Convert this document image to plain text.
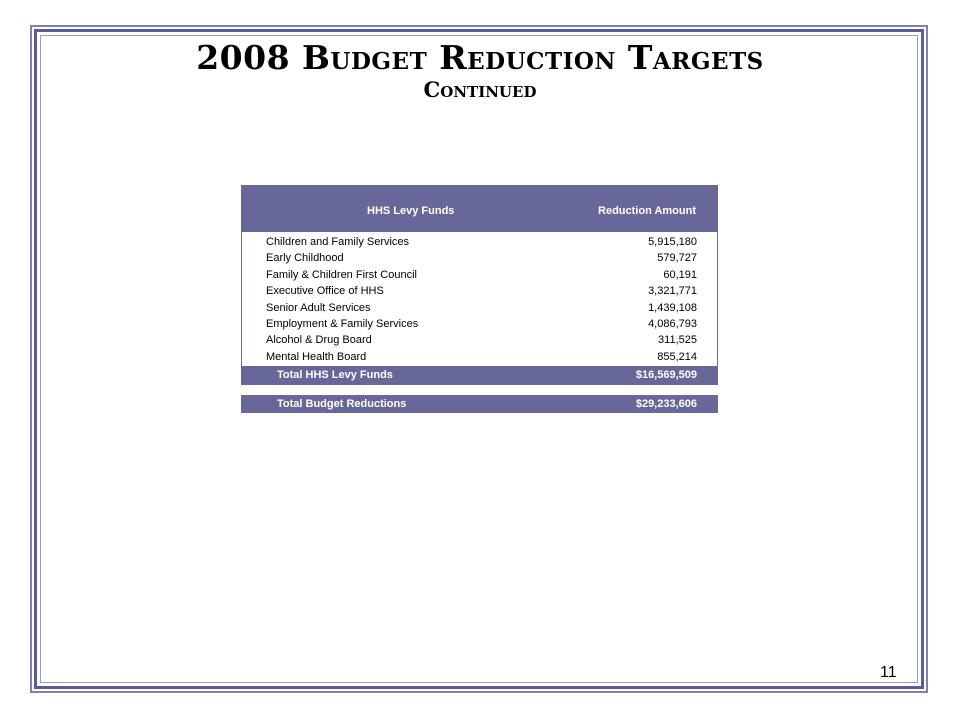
2008 Budget Reduction Targets
Continued
HHS Levy Funds	Reduction Amount
Children and Family Services	5,915,180
Early Childhood	579,727
Family & Children First Council	60,191
Executive Office of HHS	3,321,771
Senior Adult Services	1,439,108
Employment & Family Services	4,086,793
Alcohol & Drug Board	311,525
Mental Health Board	855,214
Total HHS Levy Funds	$16,569,509
Total Budget Reductions	$29,233,606
11
